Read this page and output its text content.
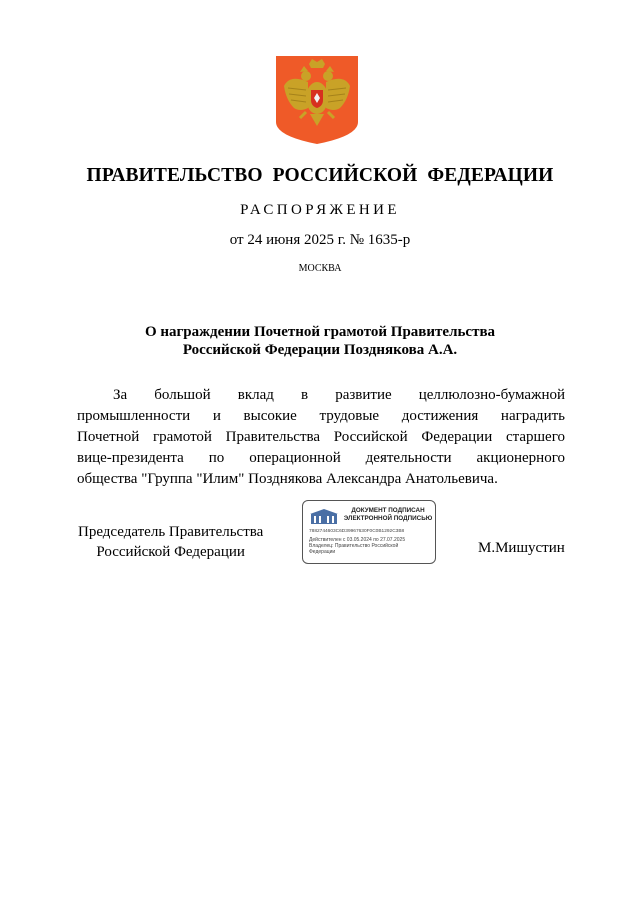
ПРАВИТЕЛЬСТВО РОССИЙСКОЙ ФЕДЕРАЦИИ
РАСПОРЯЖЕНИЕ
от 24 июня 2025 г. № 1635-р
МОСКВА
О награждении Почетной грамотой Правительства
Российской Федерации Позднякова А.А.
За большой вклад в развитие целлюлозно-бумажной
промышленности и высокие трудовые достижения наградить
Почетной грамотой Правительства Российской Федерации старшего
вице-президента по операционной деятельности акционерного
общества "Группа "Илим" Позднякова Александра Анатольевича.
Председатель Правительства
Российской Федерации
ДОКУМЕНТ ПОДПИСАН
ЭЛЕКТРОННОЙ ПОДПИСЬЮ
7882744603C6D39967630F0C0B1292C3B8
Действителен с 03.05.2024 по 27.07.2025
Владелец: Правительство Российской
Федерации	М.Мишустин
